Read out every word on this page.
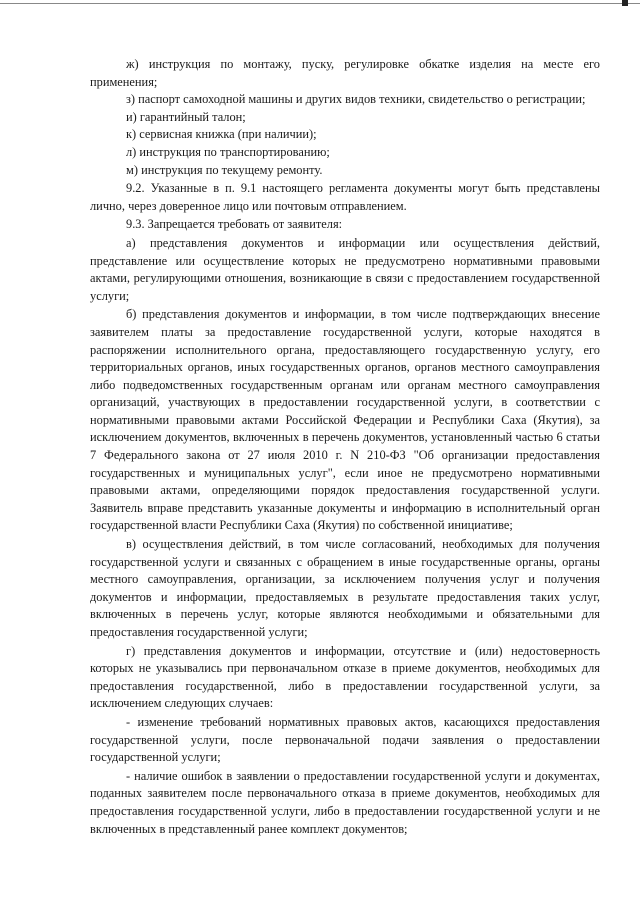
ж) инструкция по монтажу, пуску, регулировке обкатке изделия на месте его применения;

з) паспорт самоходной машины и других видов техники, свидетельство о регистрации;

и) гарантийный талон;

к) сервисная книжка (при наличии);

л) инструкция по транспортированию;

м) инструкция по текущему ремонту.

9.2. Указанные в п. 9.1 настоящего регламента документы могут быть представлены лично, через доверенное лицо или почтовым отправлением.

9.3. Запрещается требовать от заявителя:

а) представления документов и информации или осуществления действий, представление или осуществление которых не предусмотрено нормативными правовыми актами, регулирующими отношения, возникающие в связи с предоставлением государственной услуги;

б) представления документов и информации, в том числе подтверждающих внесение заявителем платы за предоставление государственной услуги, которые находятся в распоряжении исполнительного органа, предоставляющего государственную услугу, его территориальных органов, иных государственных органов, органов местного самоуправления либо подведомственных государственным органам или органам местного самоуправления организаций, участвующих в предоставлении государственной услуги, в соответствии с нормативными правовыми актами Российской Федерации и Республики Саха (Якутия), за исключением документов, включенных в перечень документов, установленный частью 6 статьи 7 Федерального закона от 27 июля 2010 г. N 210-ФЗ "Об организации предоставления государственных и муниципальных услуг", если иное не предусмотрено нормативными правовыми актами, определяющими порядок предоставления государственной услуги. Заявитель вправе представить указанные документы и информацию в исполнительный орган государственной власти Республики Саха (Якутия) по собственной инициативе;

в) осуществления действий, в том числе согласований, необходимых для получения государственной услуги и связанных с обращением в иные государственные органы, органы местного самоуправления, организации, за исключением получения услуг и получения документов и информации, предоставляемых в результате предоставления таких услуг, включенных в перечень услуг, которые являются необходимыми и обязательными для предоставления государственной услуги;

г) представления документов и информации, отсутствие и (или) недостоверность которых не указывались при первоначальном отказе в приеме документов, необходимых для предоставления государственной, либо в предоставлении государственной услуги, за исключением следующих случаев:

- изменение требований нормативных правовых актов, касающихся предоставления государственной услуги, после первоначальной подачи заявления о предоставлении государственной услуги;

- наличие ошибок в заявлении о предоставлении государственной услуги и документах, поданных заявителем после первоначального отказа в приеме документов, необходимых для предоставления государственной услуги, либо в предоставлении государственной услуги и не включенных в представленный ранее комплект документов;
